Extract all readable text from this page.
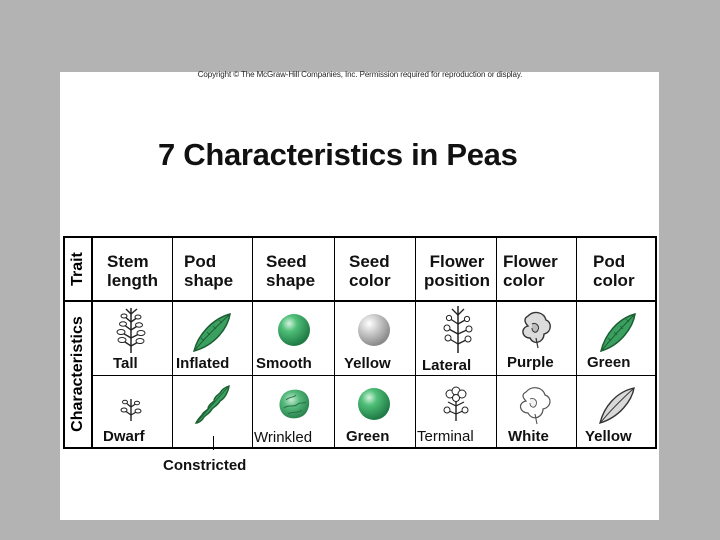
Copyright © The McGraw-Hill Companies, Inc. Permission required for reproduction or display.
7 Characteristics in Peas
Trait
Characteristics
Stem
length
Pod
shape
Seed
shape
Seed
color
Flower
position
Flower
color
Pod
color
Tall	Inflated Smooth Yellow Lateral Purple Green
Dwarf	Wrinkled Green Terminal White Yellow
Constricted
